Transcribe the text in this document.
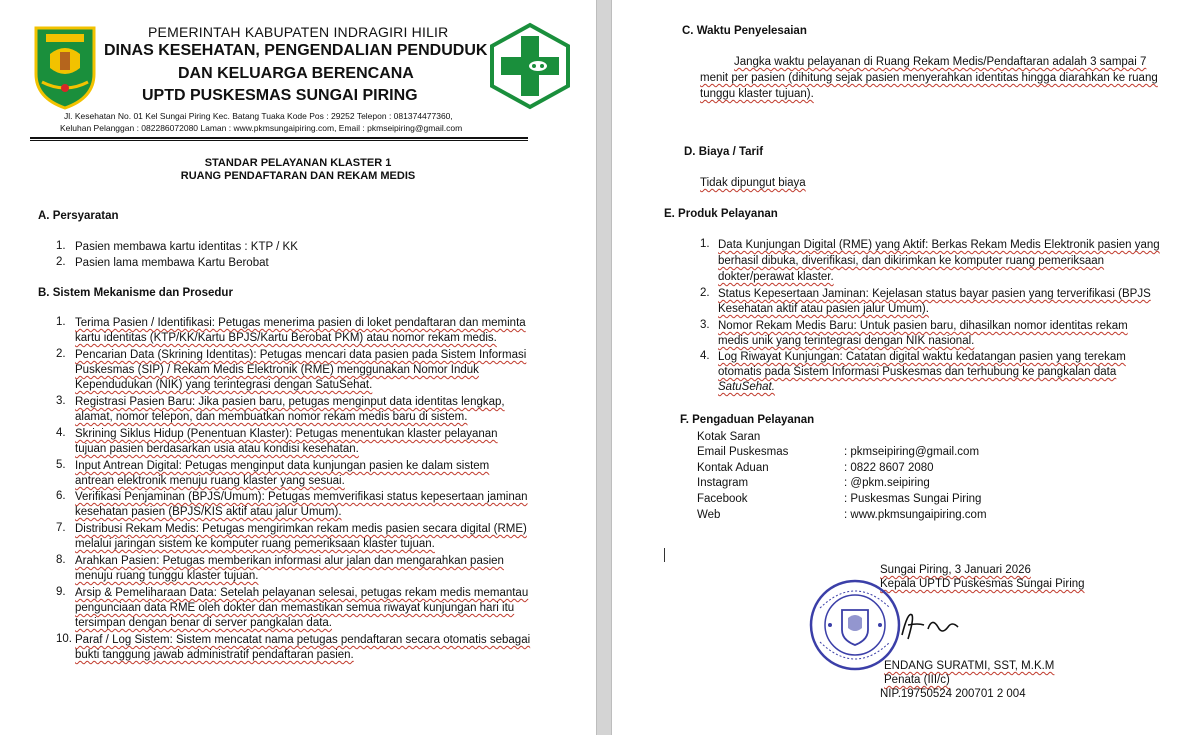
PEMERINTAH KABUPATEN INDRAGIRI HILIR
DINAS KESEHATAN, PENGENDALIAN PENDUDUK
DAN KELUARGA BERENCANA
UPTD PUSKESMAS SUNGAI PIRING
Jl. Kesehatan No. 01 Kel Sungai Piring Kec. Batang Tuaka Kode Pos : 29252 Telepon : 081374477360,
Keluhan Pelanggan : 082286072080 Laman : www.pkmsungaipiring.com, Email : pkmseipiring@gmail.com
STANDAR PELAYANAN KLASTER 1
RUANG PENDAFTARAN DAN REKAM MEDIS
A. Persyaratan
1. Pasien membawa kartu identitas : KTP / KK
2. Pasien lama membawa Kartu Berobat
B. Sistem Mekanisme dan Prosedur
1. Terima Pasien / Identifikasi: Petugas menerima pasien di loket pendaftaran dan meminta
kartu identitas (KTP/KK/Kartu BPJS/Kartu Berobat PKM) atau nomor rekam medis.
2. Pencarian Data (Skrining Identitas): Petugas mencari data pasien pada Sistem Informasi
Puskesmas (SIP) / Rekam Medis Elektronik (RME) menggunakan Nomor Induk
Kependudukan (NIK) yang terintegrasi dengan SatuSehat.
3. Registrasi Pasien Baru: Jika pasien baru, petugas menginput data identitas lengkap,
alamat, nomor telepon, dan membuatkan nomor rekam medis baru di sistem.
4. Skrining Siklus Hidup (Penentuan Klaster): Petugas menentukan klaster pelayanan
tujuan pasien berdasarkan usia atau kondisi kesehatan.
5. Input Antrean Digital: Petugas menginput data kunjungan pasien ke dalam sistem
antrean elektronik menuju ruang klaster yang sesuai.
6. Verifikasi Penjaminan (BPJS/Umum): Petugas memverifikasi status kepesertaan jaminan
kesehatan pasien (BPJS/KIS aktif atau jalur Umum).
7. Distribusi Rekam Medis: Petugas mengirimkan rekam medis pasien secara digital (RME)
melalui jaringan sistem ke komputer ruang pemeriksaan klaster tujuan.
8. Arahkan Pasien: Petugas memberikan informasi alur jalan dan mengarahkan pasien
menuju ruang tunggu klaster tujuan.
9. Arsip & Pemeliharaan Data: Setelah pelayanan selesai, petugas rekam medis memantau
pengunciaan data RME oleh dokter dan memastikan semua riwayat kunjungan hari itu
tersimpan dengan benar di server pangkalan data.
10. Paraf / Log Sistem: Sistem mencatat nama petugas pendaftaran secara otomatis sebagai
bukti tanggung jawab administratif pendaftaran pasien.
C. Waktu Penyelesaian
Jangka waktu pelayanan di Ruang Rekam Medis/Pendaftaran adalah 3 sampai 7
menit per pasien (dihitung sejak pasien menyerahkan identitas hingga diarahkan ke ruang
tunggu klaster tujuan).
D. Biaya / Tarif
Tidak dipungut biaya
E. Produk Pelayanan
1. Data Kunjungan Digital (RME) yang Aktif: Berkas Rekam Medis Elektronik pasien yang
berhasil dibuka, diverifikasi, dan dikirimkan ke komputer ruang pemeriksaan
dokter/perawat klaster.
2. Status Kepesertaan Jaminan: Kejelasan status bayar pasien yang terverifikasi (BPJS
Kesehatan aktif atau pasien jalur Umum).
3. Nomor Rekam Medis Baru: Untuk pasien baru, dihasilkan nomor identitas rekam
medis unik yang terintegrasi dengan NIK nasional.
4. Log Riwayat Kunjungan: Catatan digital waktu kedatangan pasien yang terekam
otomatis pada Sistem Informasi Puskesmas dan terhubung ke pangkalan data
SatuSehat.
F. Pengaduan Pelayanan
Kotak Saran
Email Puskesmas	: pkmseipiring@gmail.com
Kontak Aduan	: 0822 8607 2080
Instagram	: @pkm.seipiring
Facebook	: Puskesmas Sungai Piring
Web	: www.pkmsungaipiring.com
Sungai Piring, 3 Januari 2026
Kepala UPTD Puskesmas Sungai Piring
ENDANG SURATMI, SST, M.K.M
Penata (III/c)
NIP.19750524 200701 2 004
